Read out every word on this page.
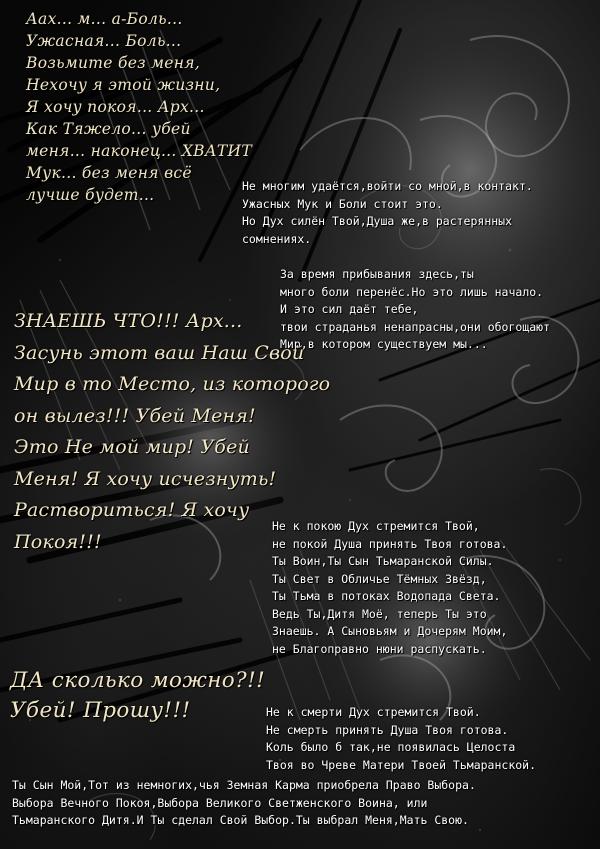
Аах... м... а-Боль...
Ужасная... Боль...
Возьмите без меня,
Нехочу я этой жизни,
Я хочу покоя... Арх...
Как Тяжело... убей
меня... наконец... ХВАТИТ
Мук... без меня всё
лучше будет...	Не многим удаётся,войти со мной,в контакт.
Ужасных Мук и Боли стоит это.
Но Дух силён Твой,Душа же,в растерянных
сомнениях.
За время прибывания здесь,ты
много боли перенёс.Но это лишь начало.
И это сил даёт тебе,
твои страданья ненапрасны,они обогощают
Мир,в котором существуем мы...
ЗНАЕШЬ ЧТО!!! Арх...
Засунь этот ваш Наш Свой
Мир в то Место, из которого
он вылез!!! Убей Меня!
Это Не мой мир! Убей
Меня! Я хочу исчезнуть!
Раствориться! Я хочу
Покоя!!!
Не к покою Дух стремится Твой,
не покой Душа принять Твоя готова.
Ты Воин,Ты Сын Тьмаранской Силы.
Ты Свет в Обличье Тёмных Звёзд,
Ты Тьма в потоках Водопада Света.
Ведь Ты,Дитя Моё, теперь Ты это
Знаешь. А Сыновьям и Дочерям Моим,
не Благоправно нюни распускать.
ДА сколько можно?!!
Убей! Прошу!!!	Не к смерти Дух стремится Твой.
Не смерть принять Душа Твоя готова.
Коль было б так,не появилась Целоста
Твоя во Чреве Матери Твоей Тьмаранской.
Ты Сын Мой,Тот из немногих,чья Земная Карма приобрела Право Выбора.
Выбора Вечного Покоя,Выбора Великого Светженского Воина, или
Тьмаранского Дитя.И Ты сделал Свой Выбор.Ты выбрал Меня,Мать Свою.
